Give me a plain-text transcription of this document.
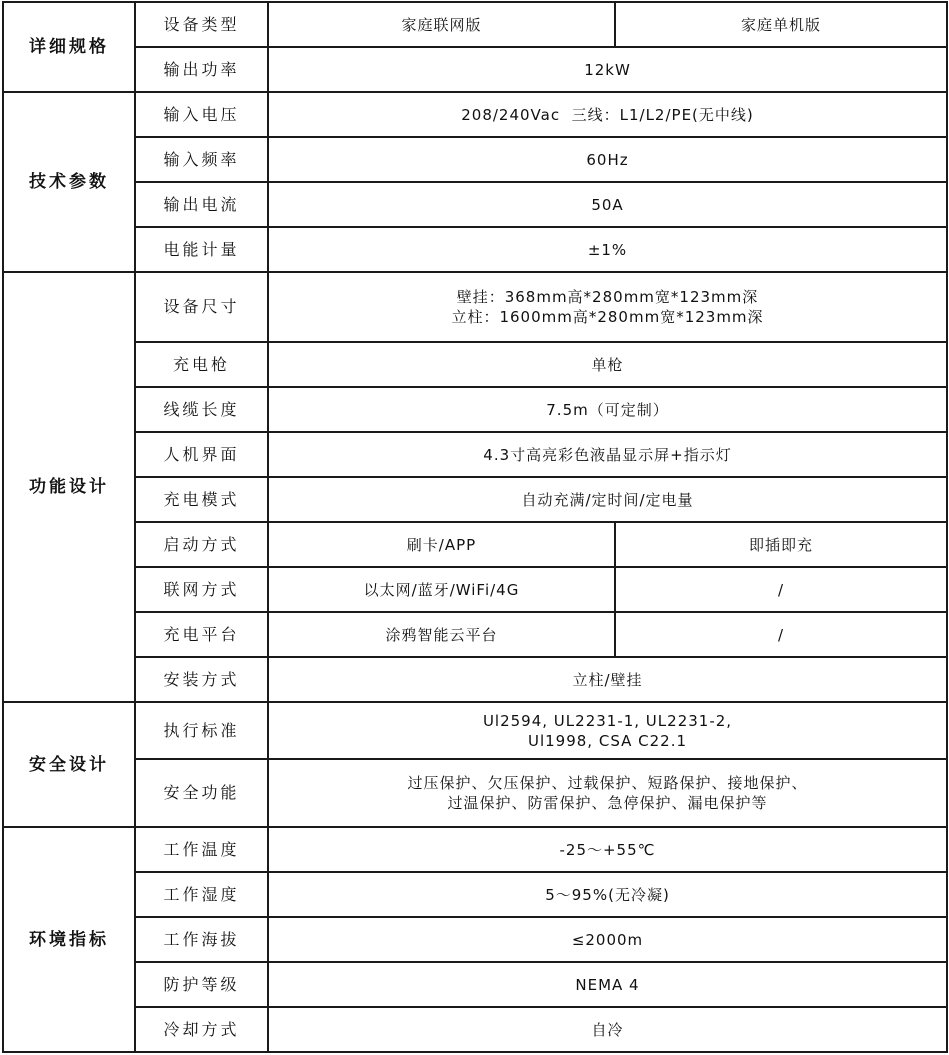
详细规格	设备类型	家庭联网版	家庭单机版
	输出功率	12kW	
技术参数	输入电压	208/240Vac  三线：L1/L2/PE(无中线)	
	输入频率	60Hz	
	输出电流	50A	
	电能计量	±1%	
功能设计	设备尺寸	壁挂：368mm高*280mm宽*123mm深
立柱：1600mm高*280mm宽*123mm深	

	充电枪	单枪	
	线缆长度	7.5m（可定制）	
	人机界面	4.3寸高亮彩色液晶显示屏+指示灯	
	充电模式	自动充满/定时间/定电量	
	启动方式	刷卡/APP	即插即充
	联网方式	以太网/蓝牙/WiFi/4G	/
	充电平台	涂鸦智能云平台	/
	安装方式	立柱/壁挂	
安全设计	执行标准	Ul2594, UL2231-1, UL2231-2,
Ul1998, CSA C22.1	

	安全功能	过压保护、欠压保护、过载保护、短路保护、接地保护、
过温保护、防雷保护、急停保护、漏电保护等	

环境指标	工作温度	-25～+55℃	
	工作湿度	5～95%(无冷凝)	
	工作海拔	≤2000m	
	防护等级	NEMA 4	
	冷却方式	自冷	
